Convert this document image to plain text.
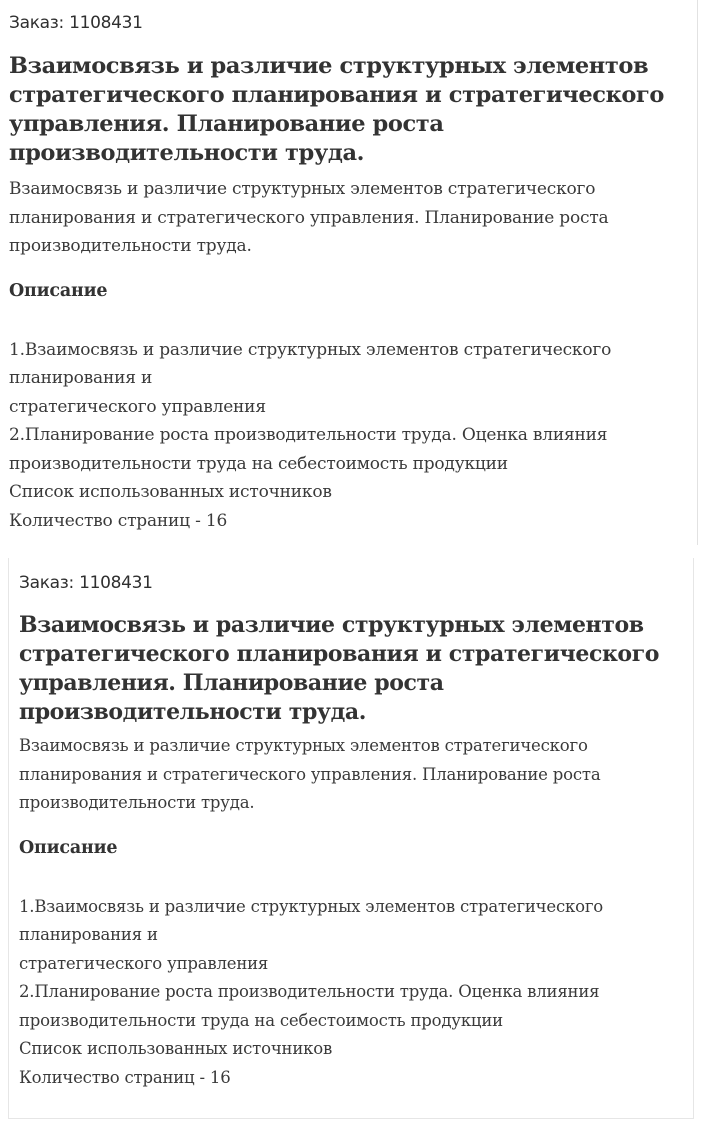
Заказ: 1108431
Взаимосвязь и различие структурных элементов стратегического планирования и стратегического управления. Планирование роста производительности труда.
Взаимосвязь и различие структурных элементов стратегического планирования и стратегического управления. Планирование роста производительности труда.
Описание
1.Взаимосвязь и различие структурных элементов стратегического
планирования и
стратегического управления
2.Планирование роста производительности труда. Оценка влияния
производительности труда на себестоимость продукции
Список использованных источников
Количество страниц - 16
Заказ: 1108431
Взаимосвязь и различие структурных элементов стратегического планирования и стратегического управления. Планирование роста производительности труда.
Взаимосвязь и различие структурных элементов стратегического планирования и стратегического управления. Планирование роста производительности труда.
Описание
1.Взаимосвязь и различие структурных элементов стратегического
планирования и
стратегического управления
2.Планирование роста производительности труда. Оценка влияния
производительности труда на себестоимость продукции
Список использованных источников
Количество страниц - 16
